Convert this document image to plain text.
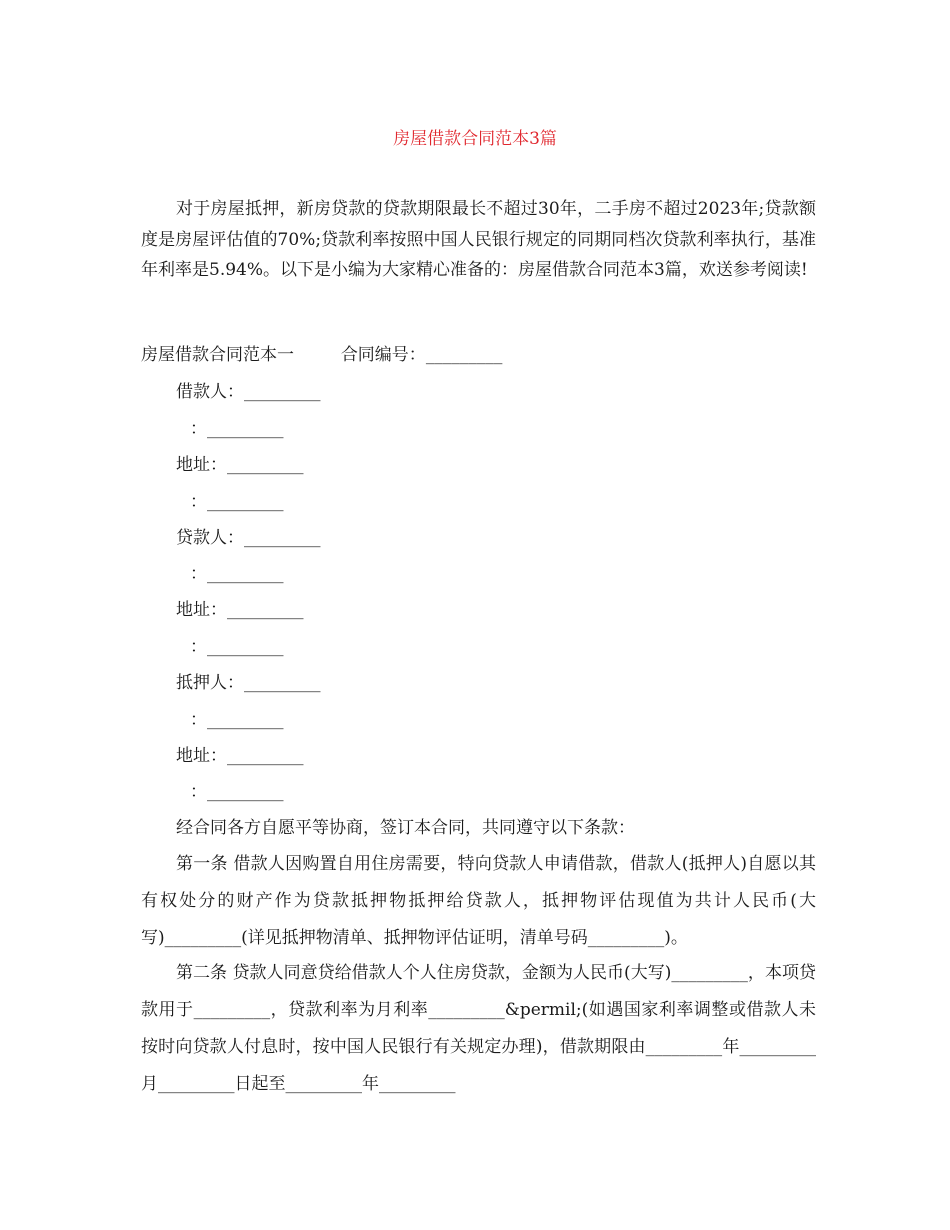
房屋借款合同范本3篇

对于房屋抵押，新房贷款的贷款期限最长不超过30年，二手房不超过2023年;贷款额度是房屋评估值的70%;贷款利率按照中国人民银行规定的同期同档次贷款利率执行，基准年利率是5.94%。以下是小编为大家精心准备的：房屋借款合同范本3篇，欢送参考阅读!

房屋借款合同范本一	合同编号：_________
借款人：_________
：_________
地址：_________
：_________
贷款人：_________
：_________
地址：_________
：_________
抵押人：_________
：_________
地址：_________
：_________
经合同各方自愿平等协商，签订本合同，共同遵守以下条款：

第一条 借款人因购置自用住房需要，特向贷款人申请借款，借款人(抵押人)自愿以其有权处分的财产作为贷款抵押物抵押给贷款人，抵押物评估现值为共计人民币(大写)_________(详见抵押物清单、抵押物评估证明，清单号码_________)。

第二条 贷款人同意贷给借款人个人住房贷款，金额为人民币(大写)_________，本项贷款用于_________，贷款利率为月利率_________&permil;(如遇国家利率调整或借款人未按时向贷款人付息时，按中国人民银行有关规定办理)，借款期限由_________年_________月_________日起至_________年_________
